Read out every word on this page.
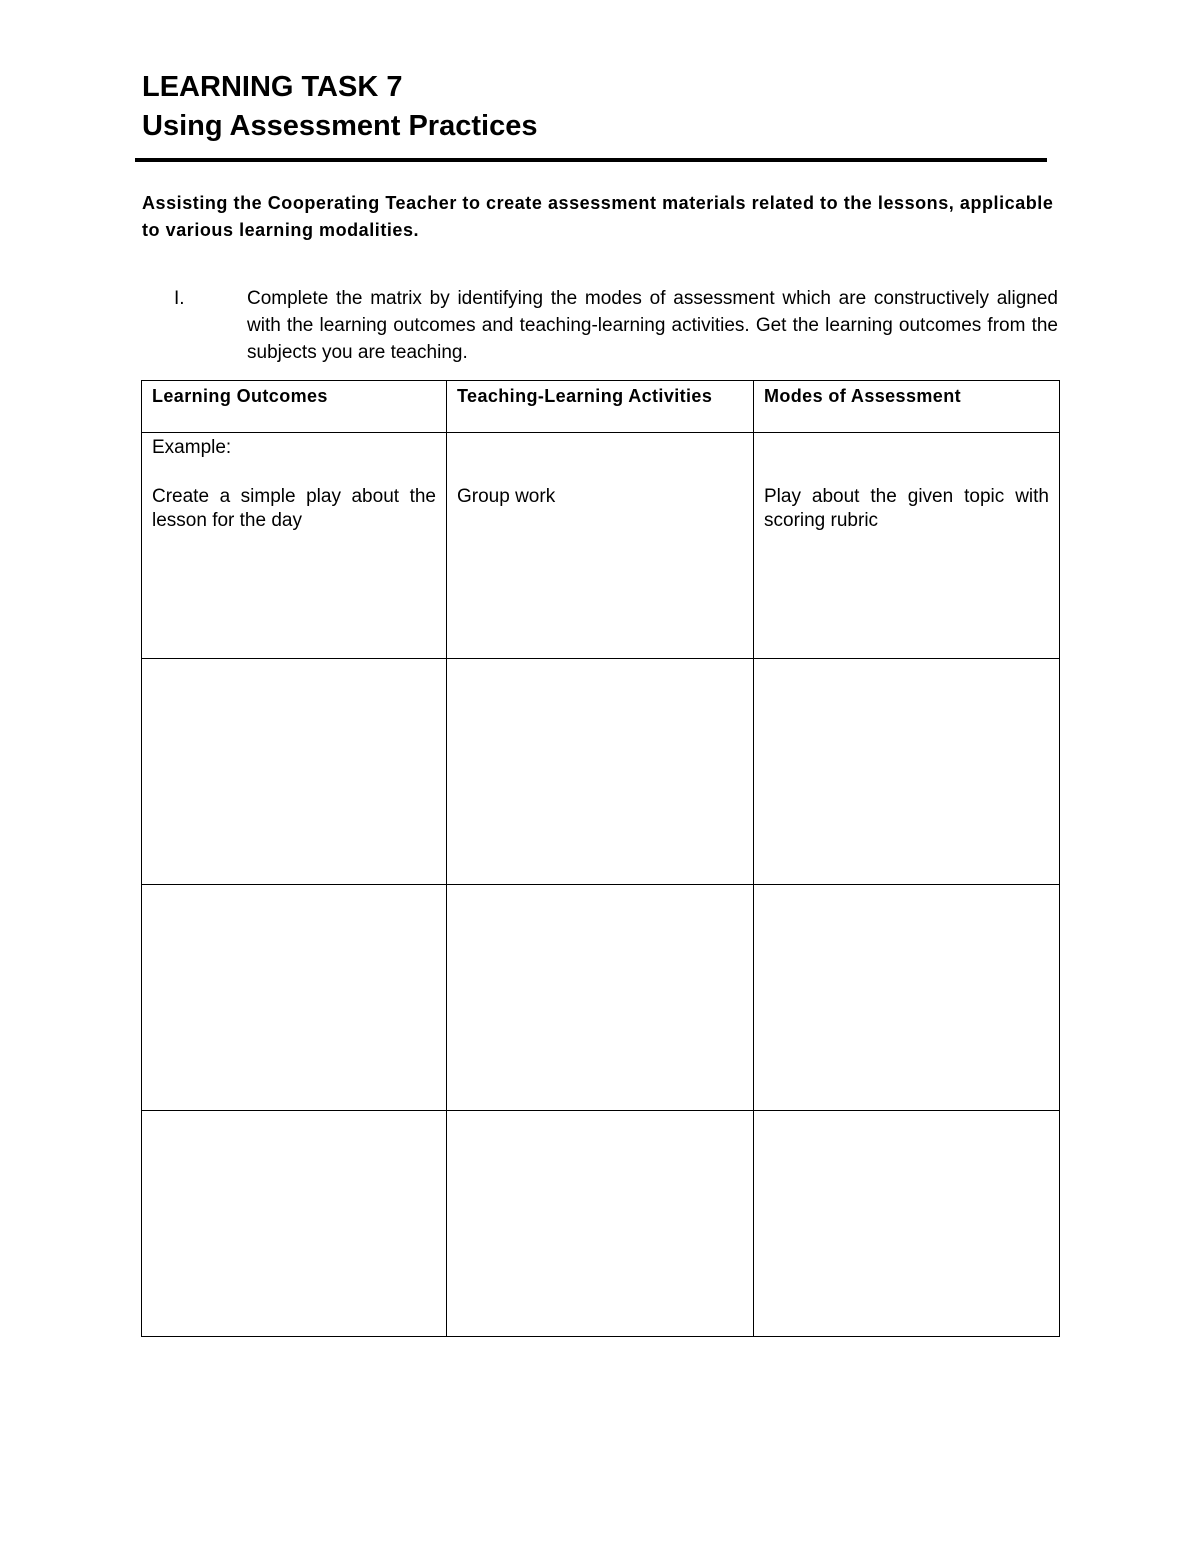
LEARNING TASK 7
Using Assessment Practices

Assisting the Cooperating Teacher to create assessment materials related to the lessons, applicable to various learning modalities.

I.	Complete the matrix by identifying the modes of assessment which are constructively aligned with the learning outcomes and teaching-learning activities. Get the learning outcomes from the subjects you are teaching.

Learning Outcomes	Teaching-Learning Activities	Modes of Assessment

Example:
Create a simple play about the lesson for the day	Group work	Play about the given topic with scoring rubric
